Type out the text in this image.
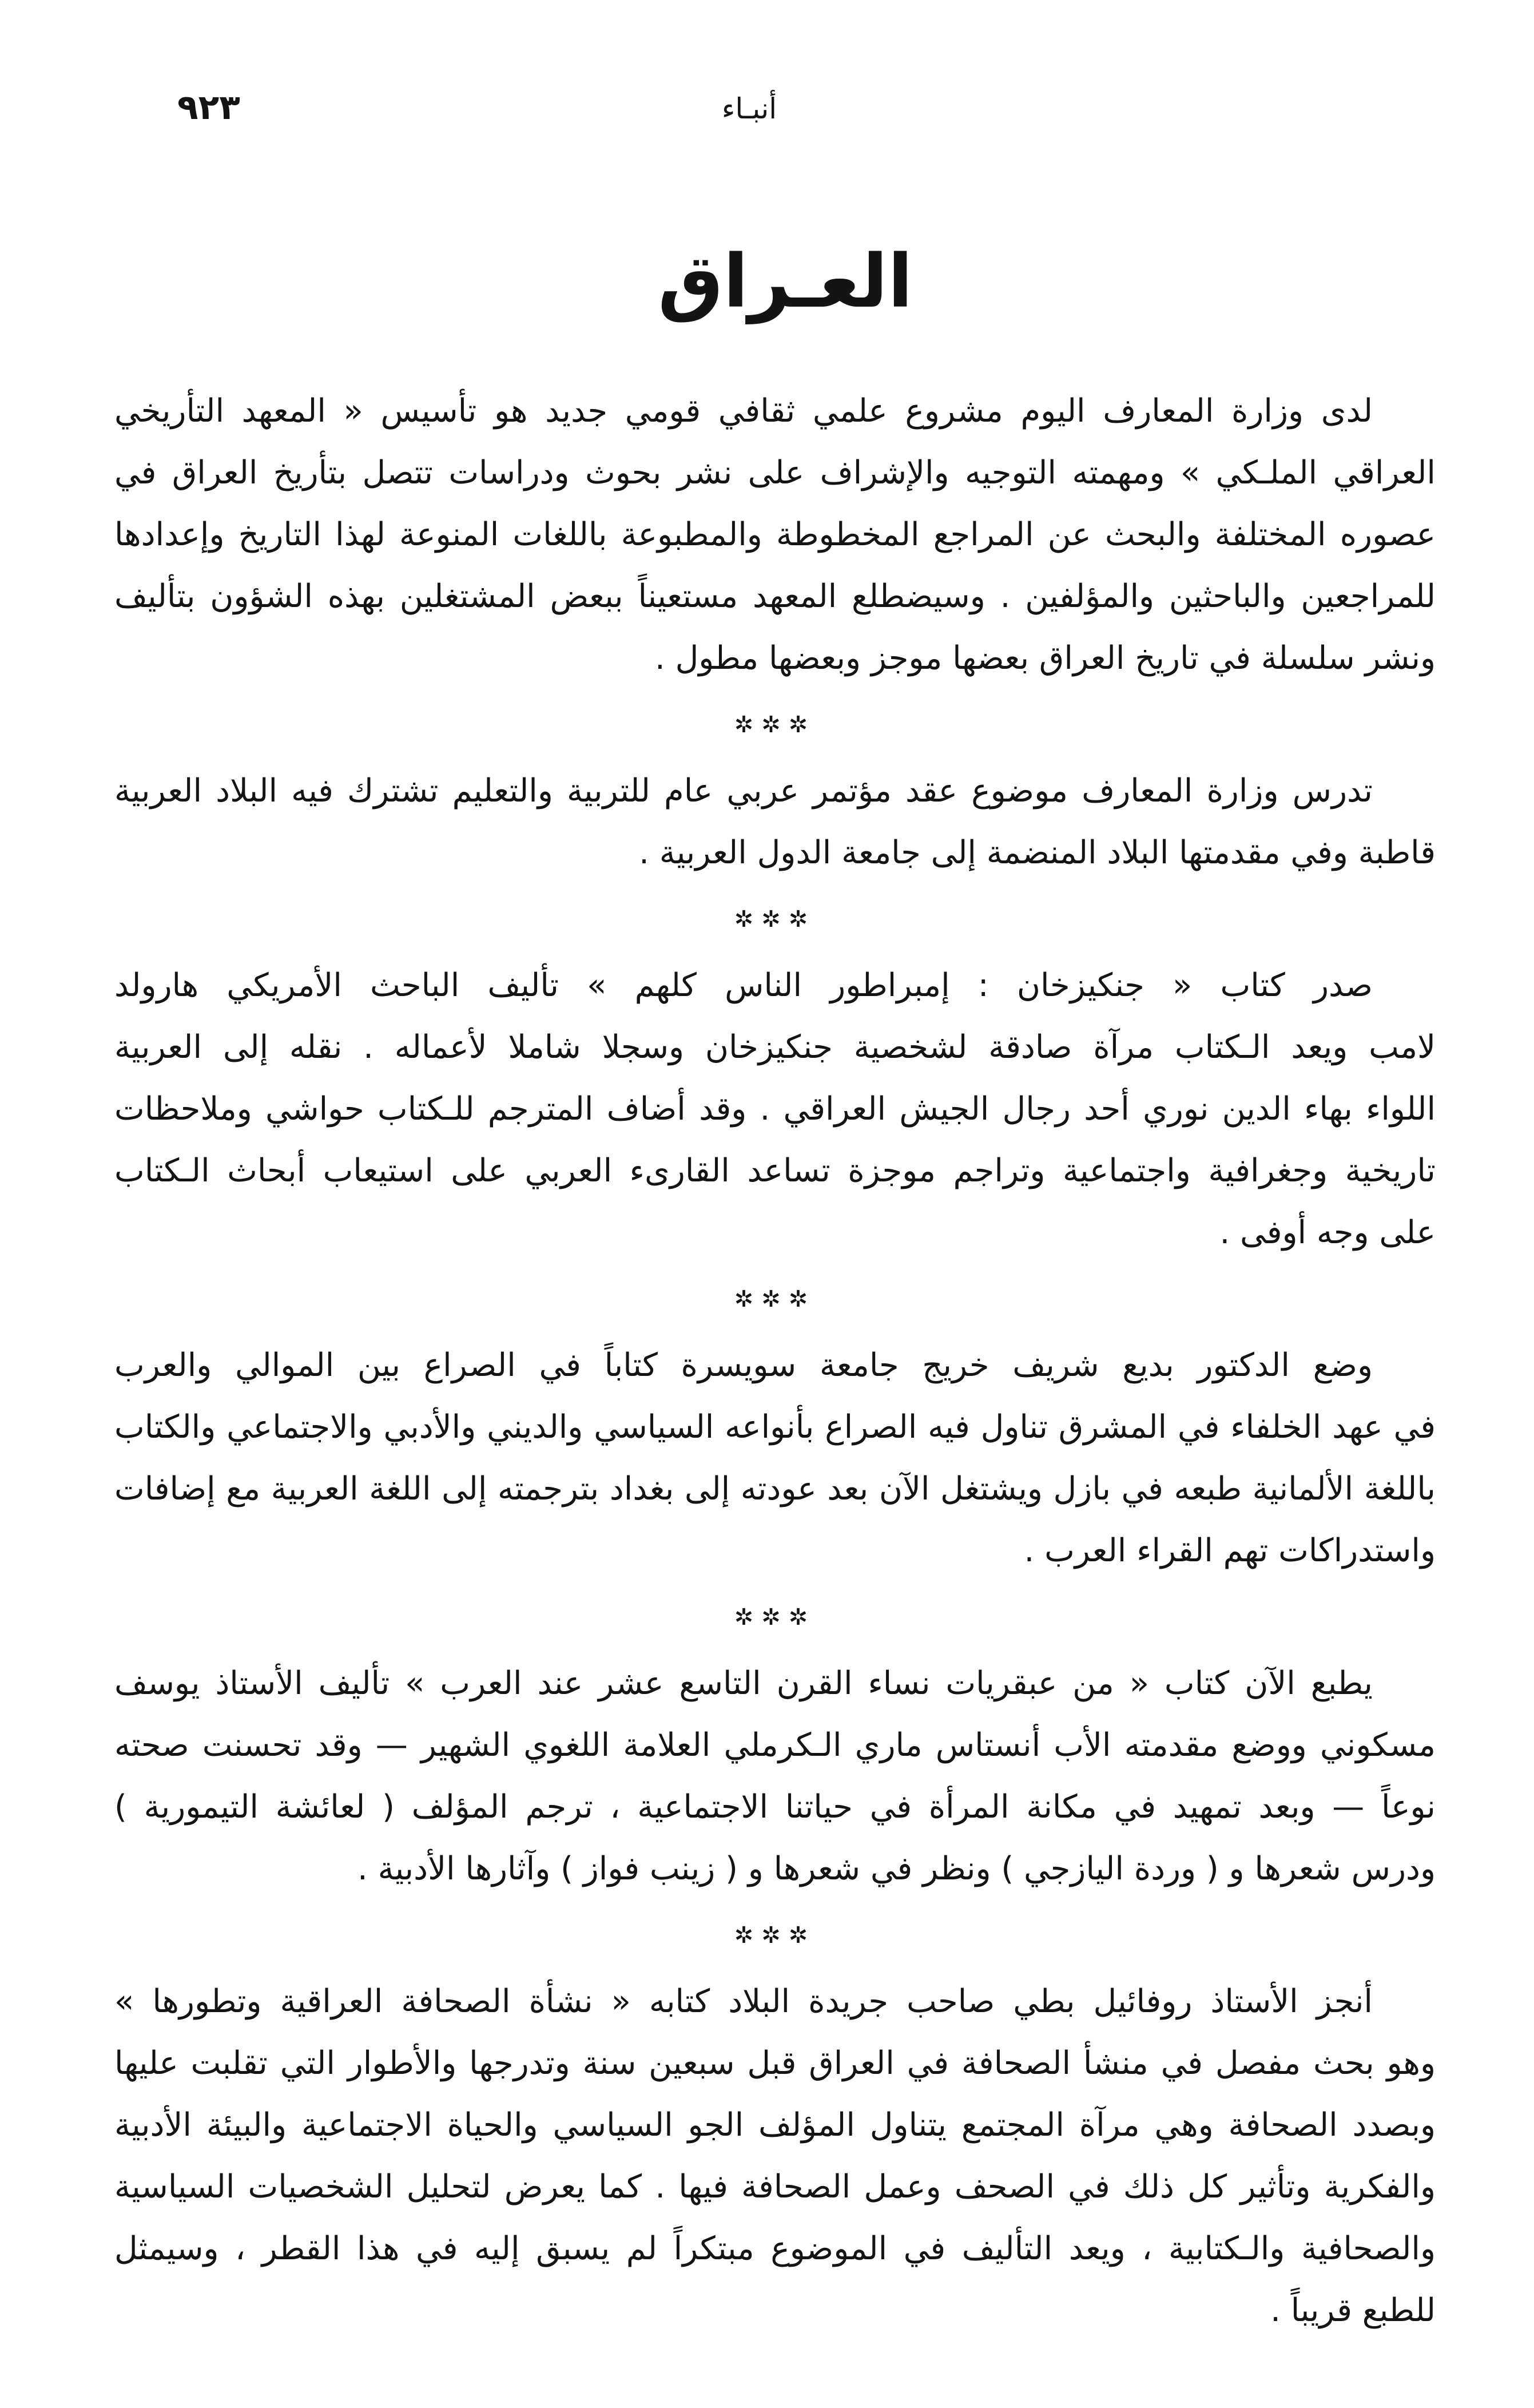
٩٢٣	أنبـاء
العـراق
لدى وزارة المعارف اليوم مشروع علمي ثقافي قومي جديد هو تأسيس « المعهد التأريخي
العراقي الملـكي » ومهمته التوجيه والإشراف على نشر بحوث ودراسات تتصل بتأريخ العراق في
عصوره المختلفة والبحث عن المراجع المخطوطة والمطبوعة باللغات المنوعة لهذا التاريخ وإعدادها
للمراجعين والباحثين والمؤلفين . وسيضطلع المعهد مستعيناً ببعض المشتغلين بهذه الشؤون بتأليف
ونشر سلسلة في تاريخ العراق بعضها موجز وبعضها مطول .
✲✲✲
تدرس وزارة المعارف موضوع عقد مؤتمر عربي عام للتربية والتعليم تشترك فيه البلاد العربية
قاطبة وفي مقدمتها البلاد المنضمة إلى جامعة الدول العربية .
✲✲✲
صدر كتاب « جنكيزخان : إمبراطور الناس كلهم » تأليف الباحث الأمريكي هارولد
لامب ويعد الـكتاب مرآة صادقة لشخصية جنكيزخان وسجلا شاملا لأعماله . نقله إلى العربية
اللواء بهاء الدين نوري أحد رجال الجيش العراقي . وقد أضاف المترجم للـكتاب حواشي وملاحظات
تاريخية وجغرافية واجتماعية وتراجم موجزة تساعد القارىء العربي على استيعاب أبحاث الـكتاب
على وجه أوفى .
✲✲✲
وضع الدكتور بديع شريف خريج جامعة سويسرة كتاباً في الصراع بين الموالي والعرب
في عهد الخلفاء في المشرق تناول فيه الصراع بأنواعه السياسي والديني والأدبي والاجتماعي والكتاب
باللغة الألمانية طبعه في بازل ويشتغل الآن بعد عودته إلى بغداد بترجمته إلى اللغة العربية مع إضافات
واستدراكات تهم القراء العرب .
✲✲✲
يطبع الآن كتاب « من عبقريات نساء القرن التاسع عشر عند العرب » تأليف الأستاذ يوسف
مسكوني ووضع مقدمته الأب أنستاس ماري الـكرملي العلامة اللغوي الشهير — وقد تحسنت صحته
نوعاً — وبعد تمهيد في مكانة المرأة في حياتنا الاجتماعية ، ترجم المؤلف ( لعائشة التيمورية )
ودرس شعرها و ( وردة اليازجي ) ونظر في شعرها و ( زينب فواز ) وآثارها الأدبية .
✲✲✲
أنجز الأستاذ روفائيل بطي صاحب جريدة البلاد كتابه « نشأة الصحافة العراقية وتطورها »
وهو بحث مفصل في منشأ الصحافة في العراق قبل سبعين سنة وتدرجها والأطوار التي تقلبت عليها
وبصدد الصحافة وهي مرآة المجتمع يتناول المؤلف الجو السياسي والحياة الاجتماعية والبيئة الأدبية
والفكرية وتأثير كل ذلك في الصحف وعمل الصحافة فيها . كما يعرض لتحليل الشخصيات السياسية
والصحافية والـكتابية ، ويعد التأليف في الموضوع مبتكراً لم يسبق إليه في هذا القطر ، وسيمثل
للطبع قريباً .
